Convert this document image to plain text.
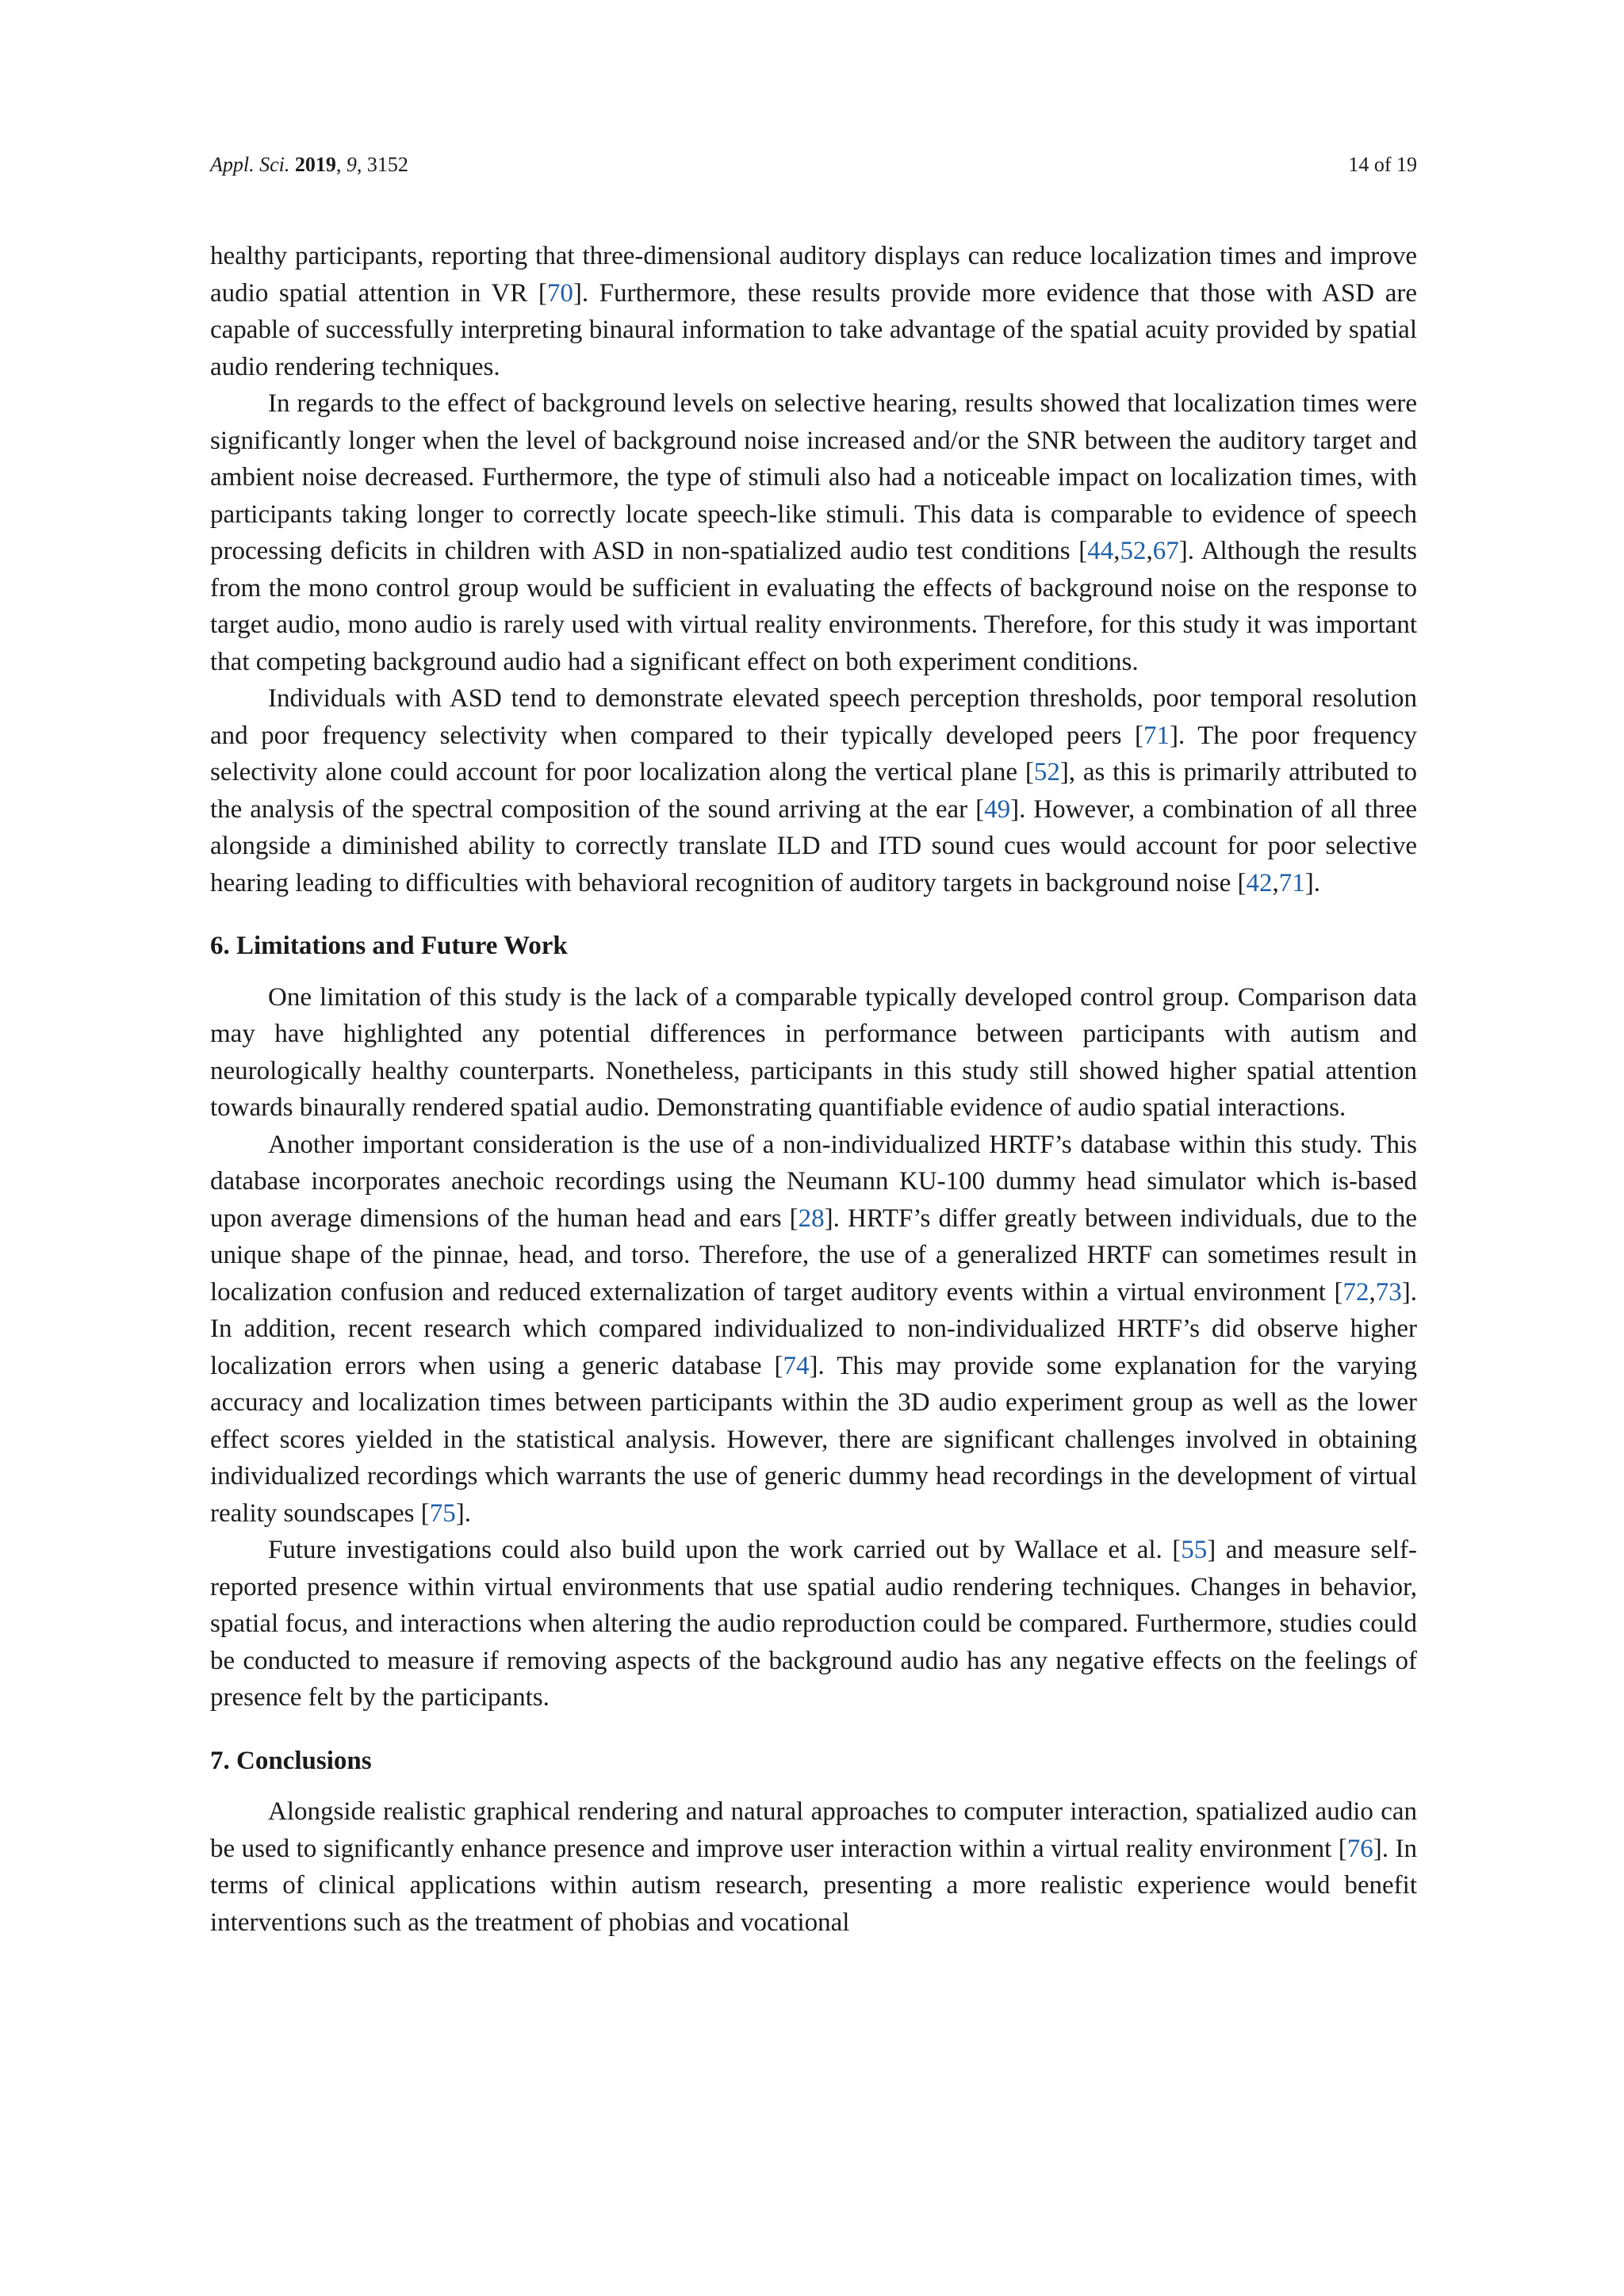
Appl. Sci. 2019, 9, 3152	14 of 19

healthy participants, reporting that three-dimensional auditory displays can reduce localization times and improve audio spatial attention in VR [70]. Furthermore, these results provide more evidence that those with ASD are capable of successfully interpreting binaural information to take advantage of the spatial acuity provided by spatial audio rendering techniques.

In regards to the effect of background levels on selective hearing, results showed that localization times were significantly longer when the level of background noise increased and/or the SNR between the auditory target and ambient noise decreased. Furthermore, the type of stimuli also had a noticeable impact on localization times, with participants taking longer to correctly locate speech-like stimuli. This data is comparable to evidence of speech processing deficits in children with ASD in non-spatialized audio test conditions [44,52,67]. Although the results from the mono control group would be sufficient in evaluating the effects of background noise on the response to target audio, mono audio is rarely used with virtual reality environments. Therefore, for this study it was important that competing background audio had a significant effect on both experiment conditions.

Individuals with ASD tend to demonstrate elevated speech perception thresholds, poor temporal resolution and poor frequency selectivity when compared to their typically developed peers [71]. The poor frequency selectivity alone could account for poor localization along the vertical plane [52], as this is primarily attributed to the analysis of the spectral composition of the sound arriving at the ear [49]. However, a combination of all three alongside a diminished ability to correctly translate ILD and ITD sound cues would account for poor selective hearing leading to difficulties with behavioral recognition of auditory targets in background noise [42,71].

6. Limitations and Future Work

One limitation of this study is the lack of a comparable typically developed control group. Comparison data may have highlighted any potential differences in performance between participants with autism and neurologically healthy counterparts. Nonetheless, participants in this study still showed higher spatial attention towards binaurally rendered spatial audio. Demonstrating quantifiable evidence of audio spatial interactions.

Another important consideration is the use of a non-individualized HRTF’s database within this study. This database incorporates anechoic recordings using the Neumann KU-100 dummy head simulator which is-based upon average dimensions of the human head and ears [28]. HRTF’s differ greatly between individuals, due to the unique shape of the pinnae, head, and torso. Therefore, the use of a generalized HRTF can sometimes result in localization confusion and reduced externalization of target auditory events within a virtual environment [72,73]. In addition, recent research which compared individualized to non-individualized HRTF’s did observe higher localization errors when using a generic database [74]. This may provide some explanation for the varying accuracy and localization times between participants within the 3D audio experiment group as well as the lower effect scores yielded in the statistical analysis. However, there are significant challenges involved in obtaining individualized recordings which warrants the use of generic dummy head recordings in the development of virtual reality soundscapes [75].

Future investigations could also build upon the work carried out by Wallace et al. [55] and measure self-reported presence within virtual environments that use spatial audio rendering techniques. Changes in behavior, spatial focus, and interactions when altering the audio reproduction could be compared. Furthermore, studies could be conducted to measure if removing aspects of the background audio has any negative effects on the feelings of presence felt by the participants.

7. Conclusions

Alongside realistic graphical rendering and natural approaches to computer interaction, spatialized audio can be used to significantly enhance presence and improve user interaction within a virtual reality environment [76]. In terms of clinical applications within autism research, presenting a more realistic experience would benefit interventions such as the treatment of phobias and vocational
